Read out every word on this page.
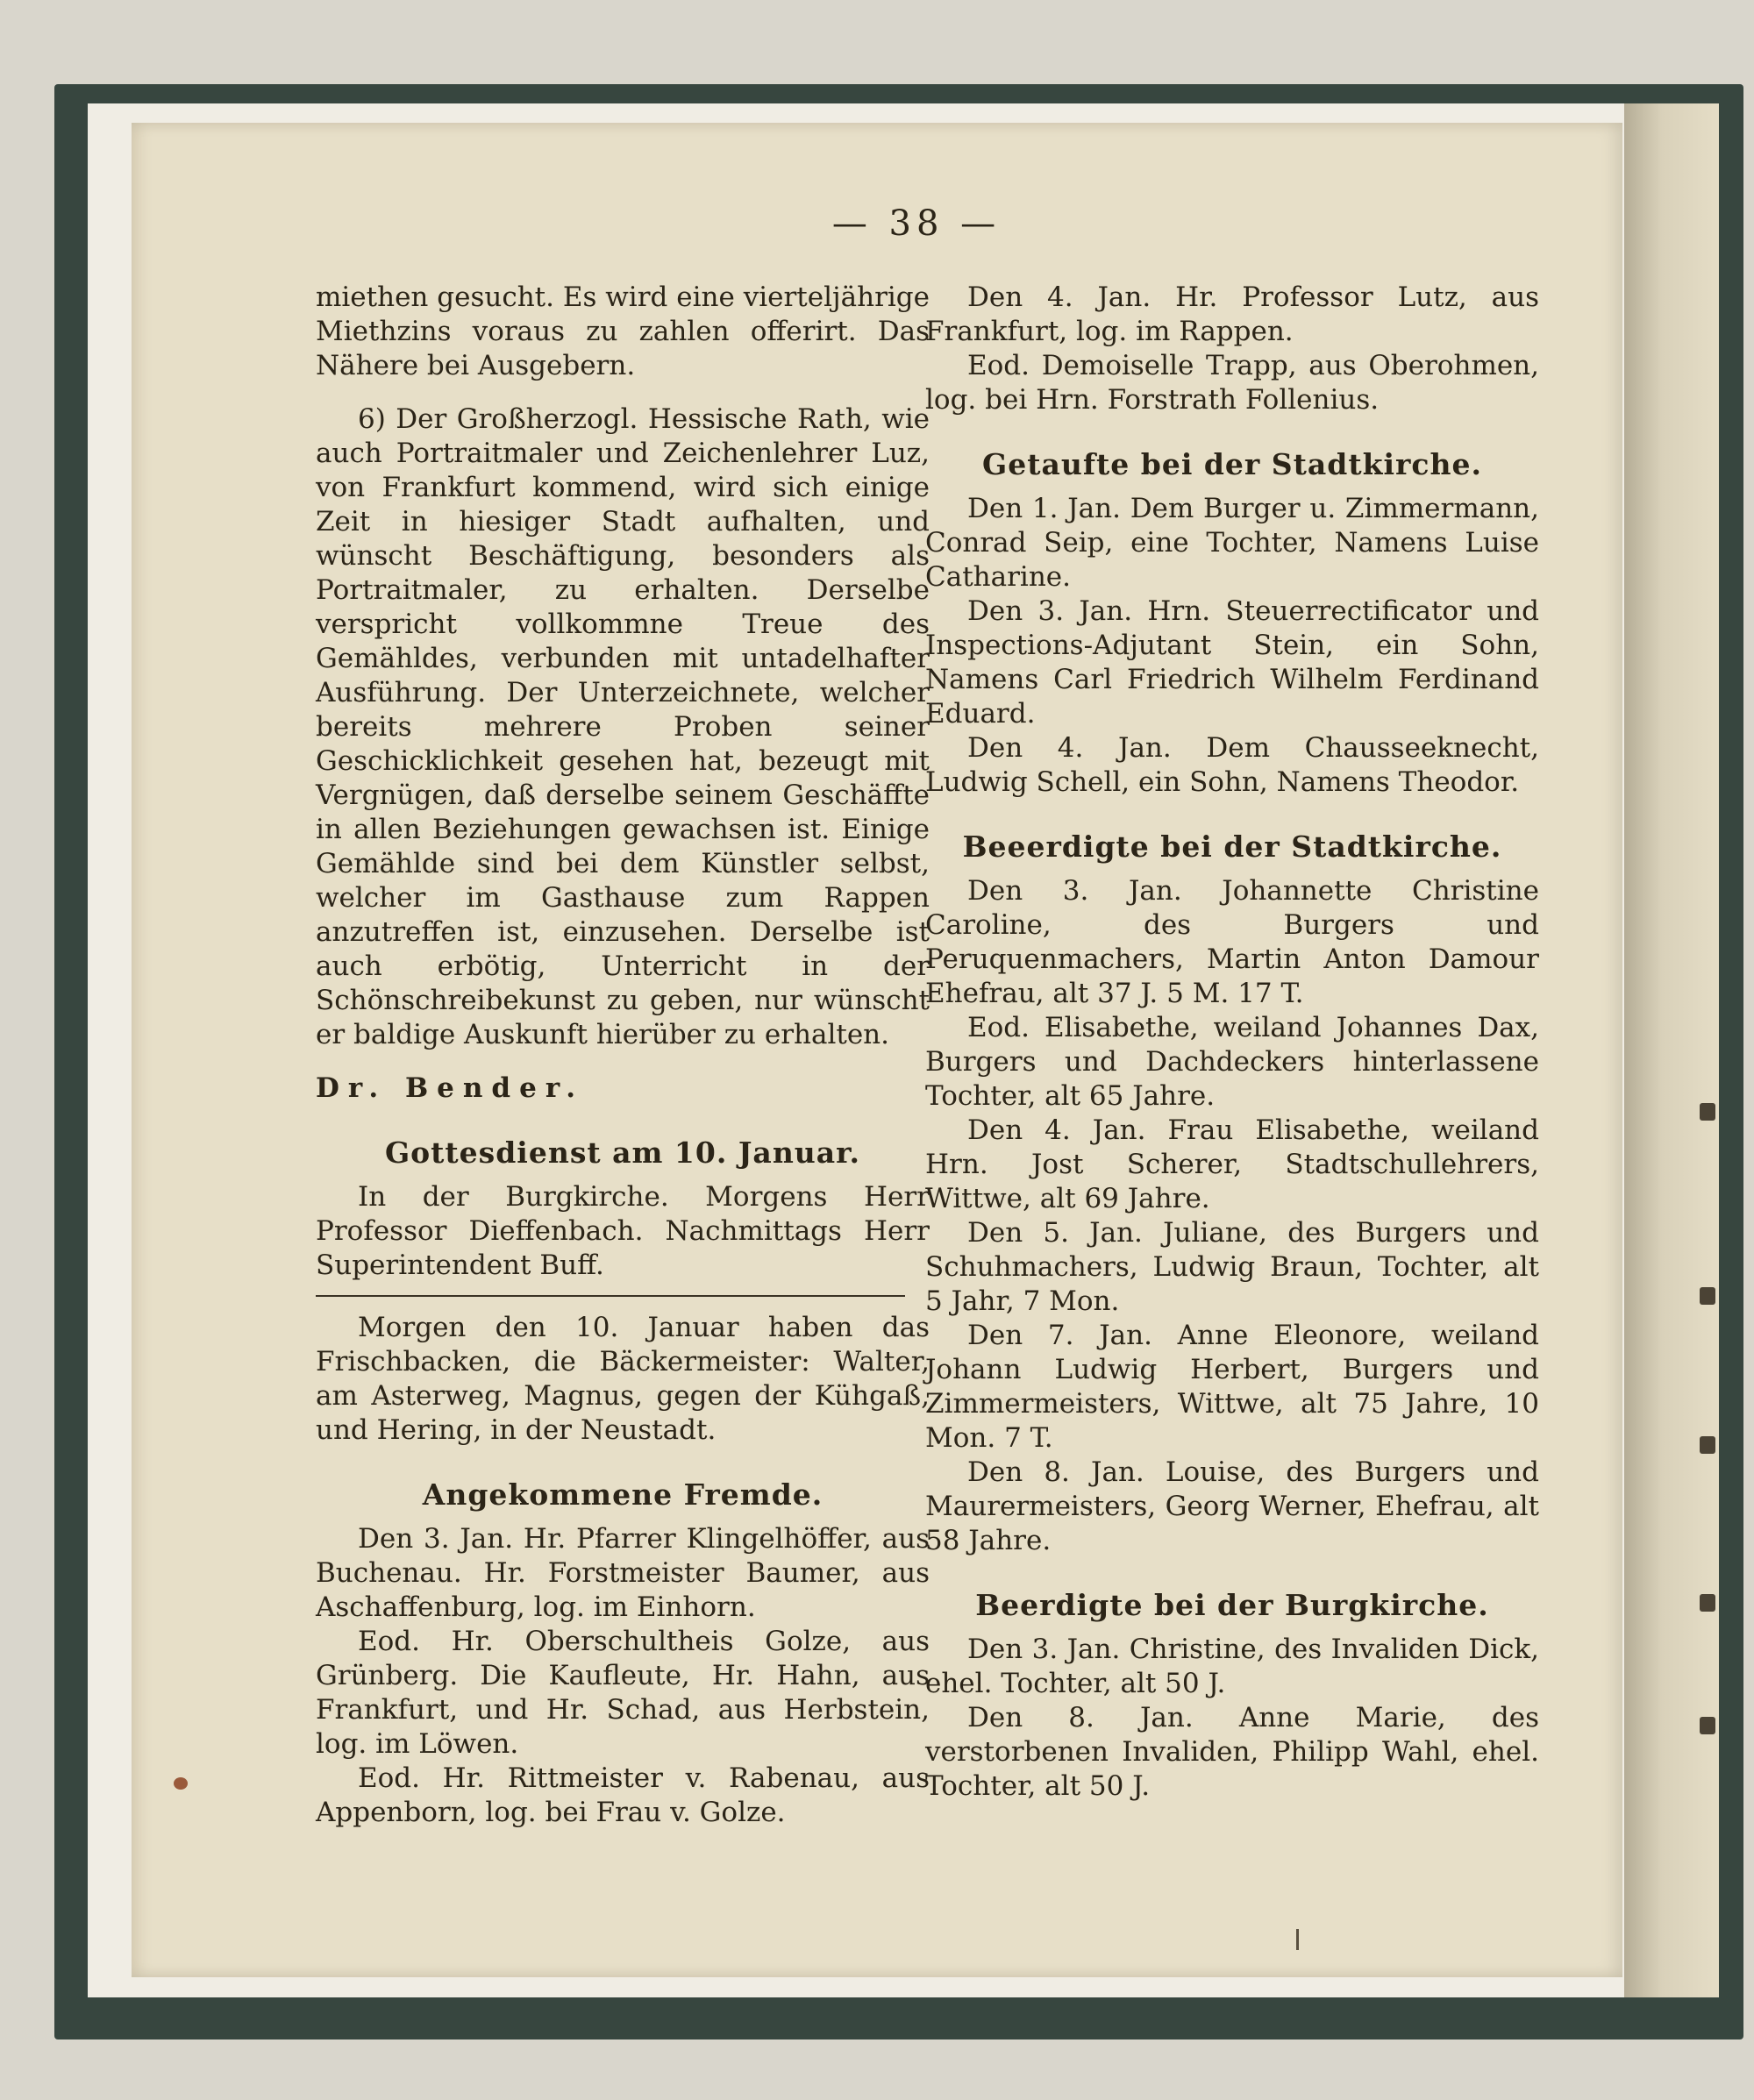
— 38 —

miethen gesucht. Es wird eine vierteljährige Miethzins voraus zu zahlen offerirt. Das Nähere bei Ausgebern.

6) Der Großherzogl. Hessische Rath, wie auch Portraitmaler und Zeichenlehrer Luz, von Frankfurt kommend, wird sich einige Zeit in hiesiger Stadt aufhalten, und wünscht Beschäftigung, besonders als Portraitmaler, zu erhalten. Derselbe verspricht vollkommne Treue des Gemähldes, verbunden mit untadelhafter Ausführung. Der Unterzeichnete, welcher bereits mehrere Proben seiner Geschicklichkeit gesehen hat, bezeugt mit Vergnügen, daß derselbe seinem Geschäffte in allen Beziehungen gewachsen ist. Einige Gemählde sind bei dem Künstler selbst, welcher im Gasthause zum Rappen anzutreffen ist, einzusehen. Derselbe ist auch erbötig, Unterricht in der Schönschreibekunst zu geben, nur wünscht er baldige Auskunft hierüber zu erhalten.

Dr. Bender.

Gottesdienst am 10. Januar.

In der Burgkirche. Morgens Herr Professor Dieffenbach. Nachmittags Herr Superintendent Buff.

Morgen den 10. Januar haben das Frischbacken, die Bäckermeister: Walter, am Asterweg, Magnus, gegen der Kühgaß, und Hering, in der Neustadt.

Angekommene Fremde.

Den 3. Jan. Hr. Pfarrer Klingelhöffer, aus Buchenau. Hr. Forstmeister Baumer, aus Aschaffenburg, log. im Einhorn.

Eod. Hr. Oberschultheis Golze, aus Grünberg. Die Kaufleute, Hr. Hahn, aus Frankfurt, und Hr. Schad, aus Herbstein, log. im Löwen.

Eod. Hr. Rittmeister v. Rabenau, aus Appenborn, log. bei Frau v. Golze.

Den 4. Jan. Hr. Professor Lutz, aus Frankfurt, log. im Rappen.

Eod. Demoiselle Trapp, aus Oberohmen, log. bei Hrn. Forstrath Follenius.

Getaufte bei der Stadtkirche.

Den 1. Jan. Dem Burger u. Zimmermann, Conrad Seip, eine Tochter, Namens Luise Catharine.

Den 3. Jan. Hrn. Steuerrectificator und Inspections-Adjutant Stein, ein Sohn, Namens Carl Friedrich Wilhelm Ferdinand Eduard.

Den 4. Jan. Dem Chausseeknecht, Ludwig Schell, ein Sohn, Namens Theodor.

Beeerdigte bei der Stadtkirche.

Den 3. Jan. Johannette Christine Caroline, des Burgers und Peruquenmachers, Martin Anton Damour Ehefrau, alt 37 J. 5 M. 17 T.

Eod. Elisabethe, weiland Johannes Dax, Burgers und Dachdeckers hinterlassene Tochter, alt 65 Jahre.

Den 4. Jan. Frau Elisabethe, weiland Hrn. Jost Scherer, Stadtschullehrers, Wittwe, alt 69 Jahre.

Den 5. Jan. Juliane, des Burgers und Schuhmachers, Ludwig Braun, Tochter, alt 5 Jahr, 7 Mon.

Den 7. Jan. Anne Eleonore, weiland Johann Ludwig Herbert, Burgers und Zimmermeisters, Wittwe, alt 75 Jahre, 10 Mon. 7 T.

Den 8. Jan. Louise, des Burgers und Maurermeisters, Georg Werner, Ehefrau, alt 58 Jahre.

Beerdigte bei der Burgkirche.

Den 3. Jan. Christine, des Invaliden Dick, ehel. Tochter, alt 50 J.

Den 8. Jan. Anne Marie, des verstorbenen Invaliden, Philipp Wahl, ehel. Tochter, alt 50 J.
